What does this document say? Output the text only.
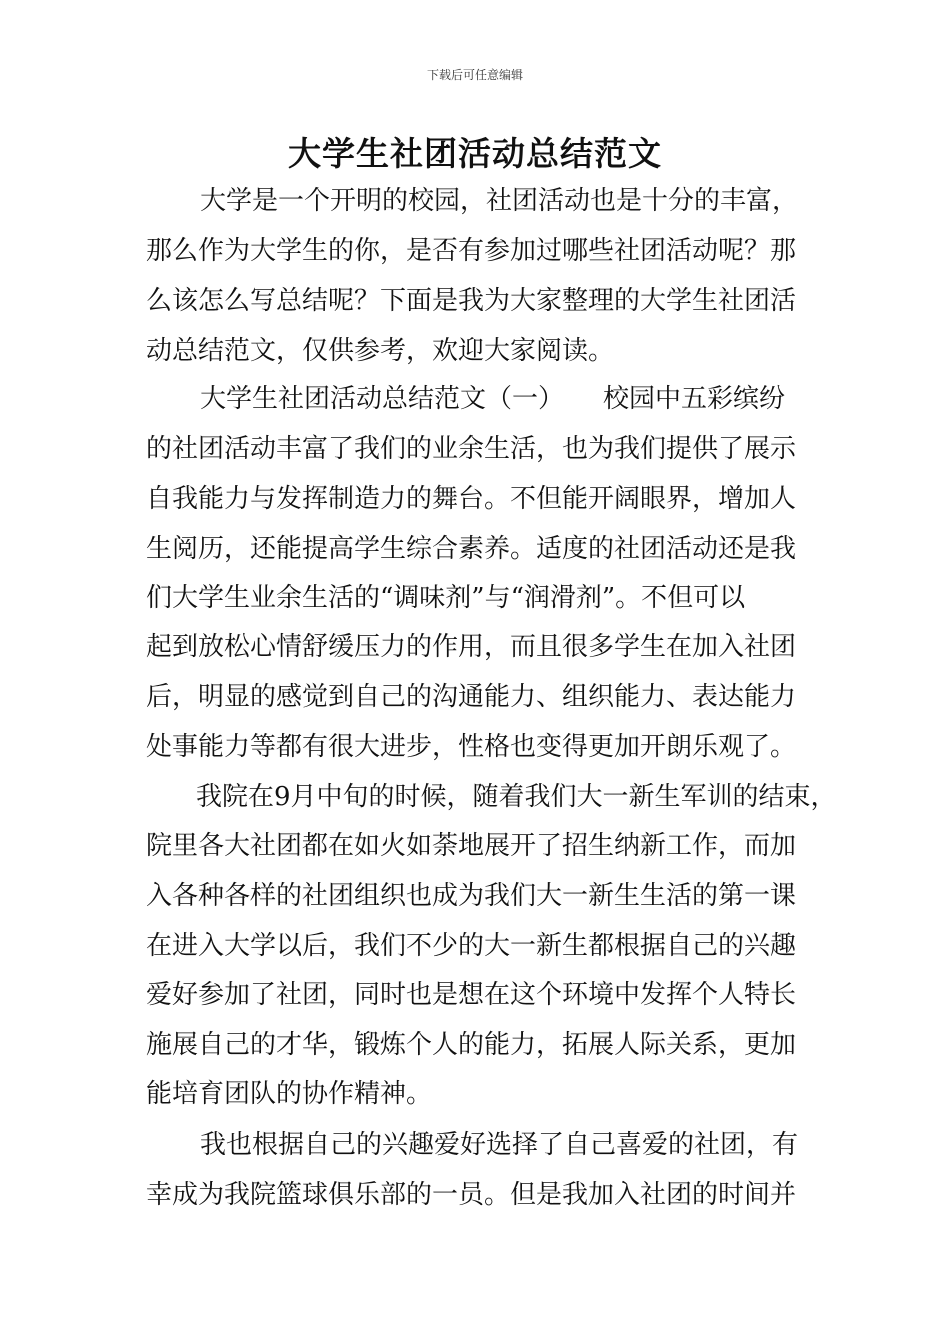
下载后可任意编辑
大学生社团活动总结范文
大学是一个开明的校园，社团活动也是十分的丰富，
那么作为大学生的你，是否有参加过哪些社团活动呢？那
么该怎么写总结呢？下面是我为大家整理的大学生社团活
动总结范文，仅供参考，欢迎大家阅读。
大学生社团活动总结范文（一）　　校园中五彩缤纷
的社团活动丰富了我们的业余生活，也为我们提供了展示
自我能力与发挥制造力的舞台。不但能开阔眼界，增加人
生阅历，还能提高学生综合素养。适度的社团活动还是我
们大学生业余生活的“调味剂”与“润滑剂”。不但可以
起到放松心情舒缓压力的作用，而且很多学生在加入社团
后，明显的感觉到自己的沟通能力、组织能力、表达能力
处事能力等都有很大进步，性格也变得更加开朗乐观了。
我院在9月中旬的时候，随着我们大一新生军训的结束，
院里各大社团都在如火如荼地展开了招生纳新工作，而加
入各种各样的社团组织也成为我们大一新生生活的第一课
在进入大学以后，我们不少的大一新生都根据自己的兴趣
爱好参加了社团，同时也是想在这个环境中发挥个人特长
施展自己的才华，锻炼个人的能力，拓展人际关系，更加
能培育团队的协作精神。
我也根据自己的兴趣爱好选择了自己喜爱的社团，有
幸成为我院篮球俱乐部的一员。但是我加入社团的时间并
